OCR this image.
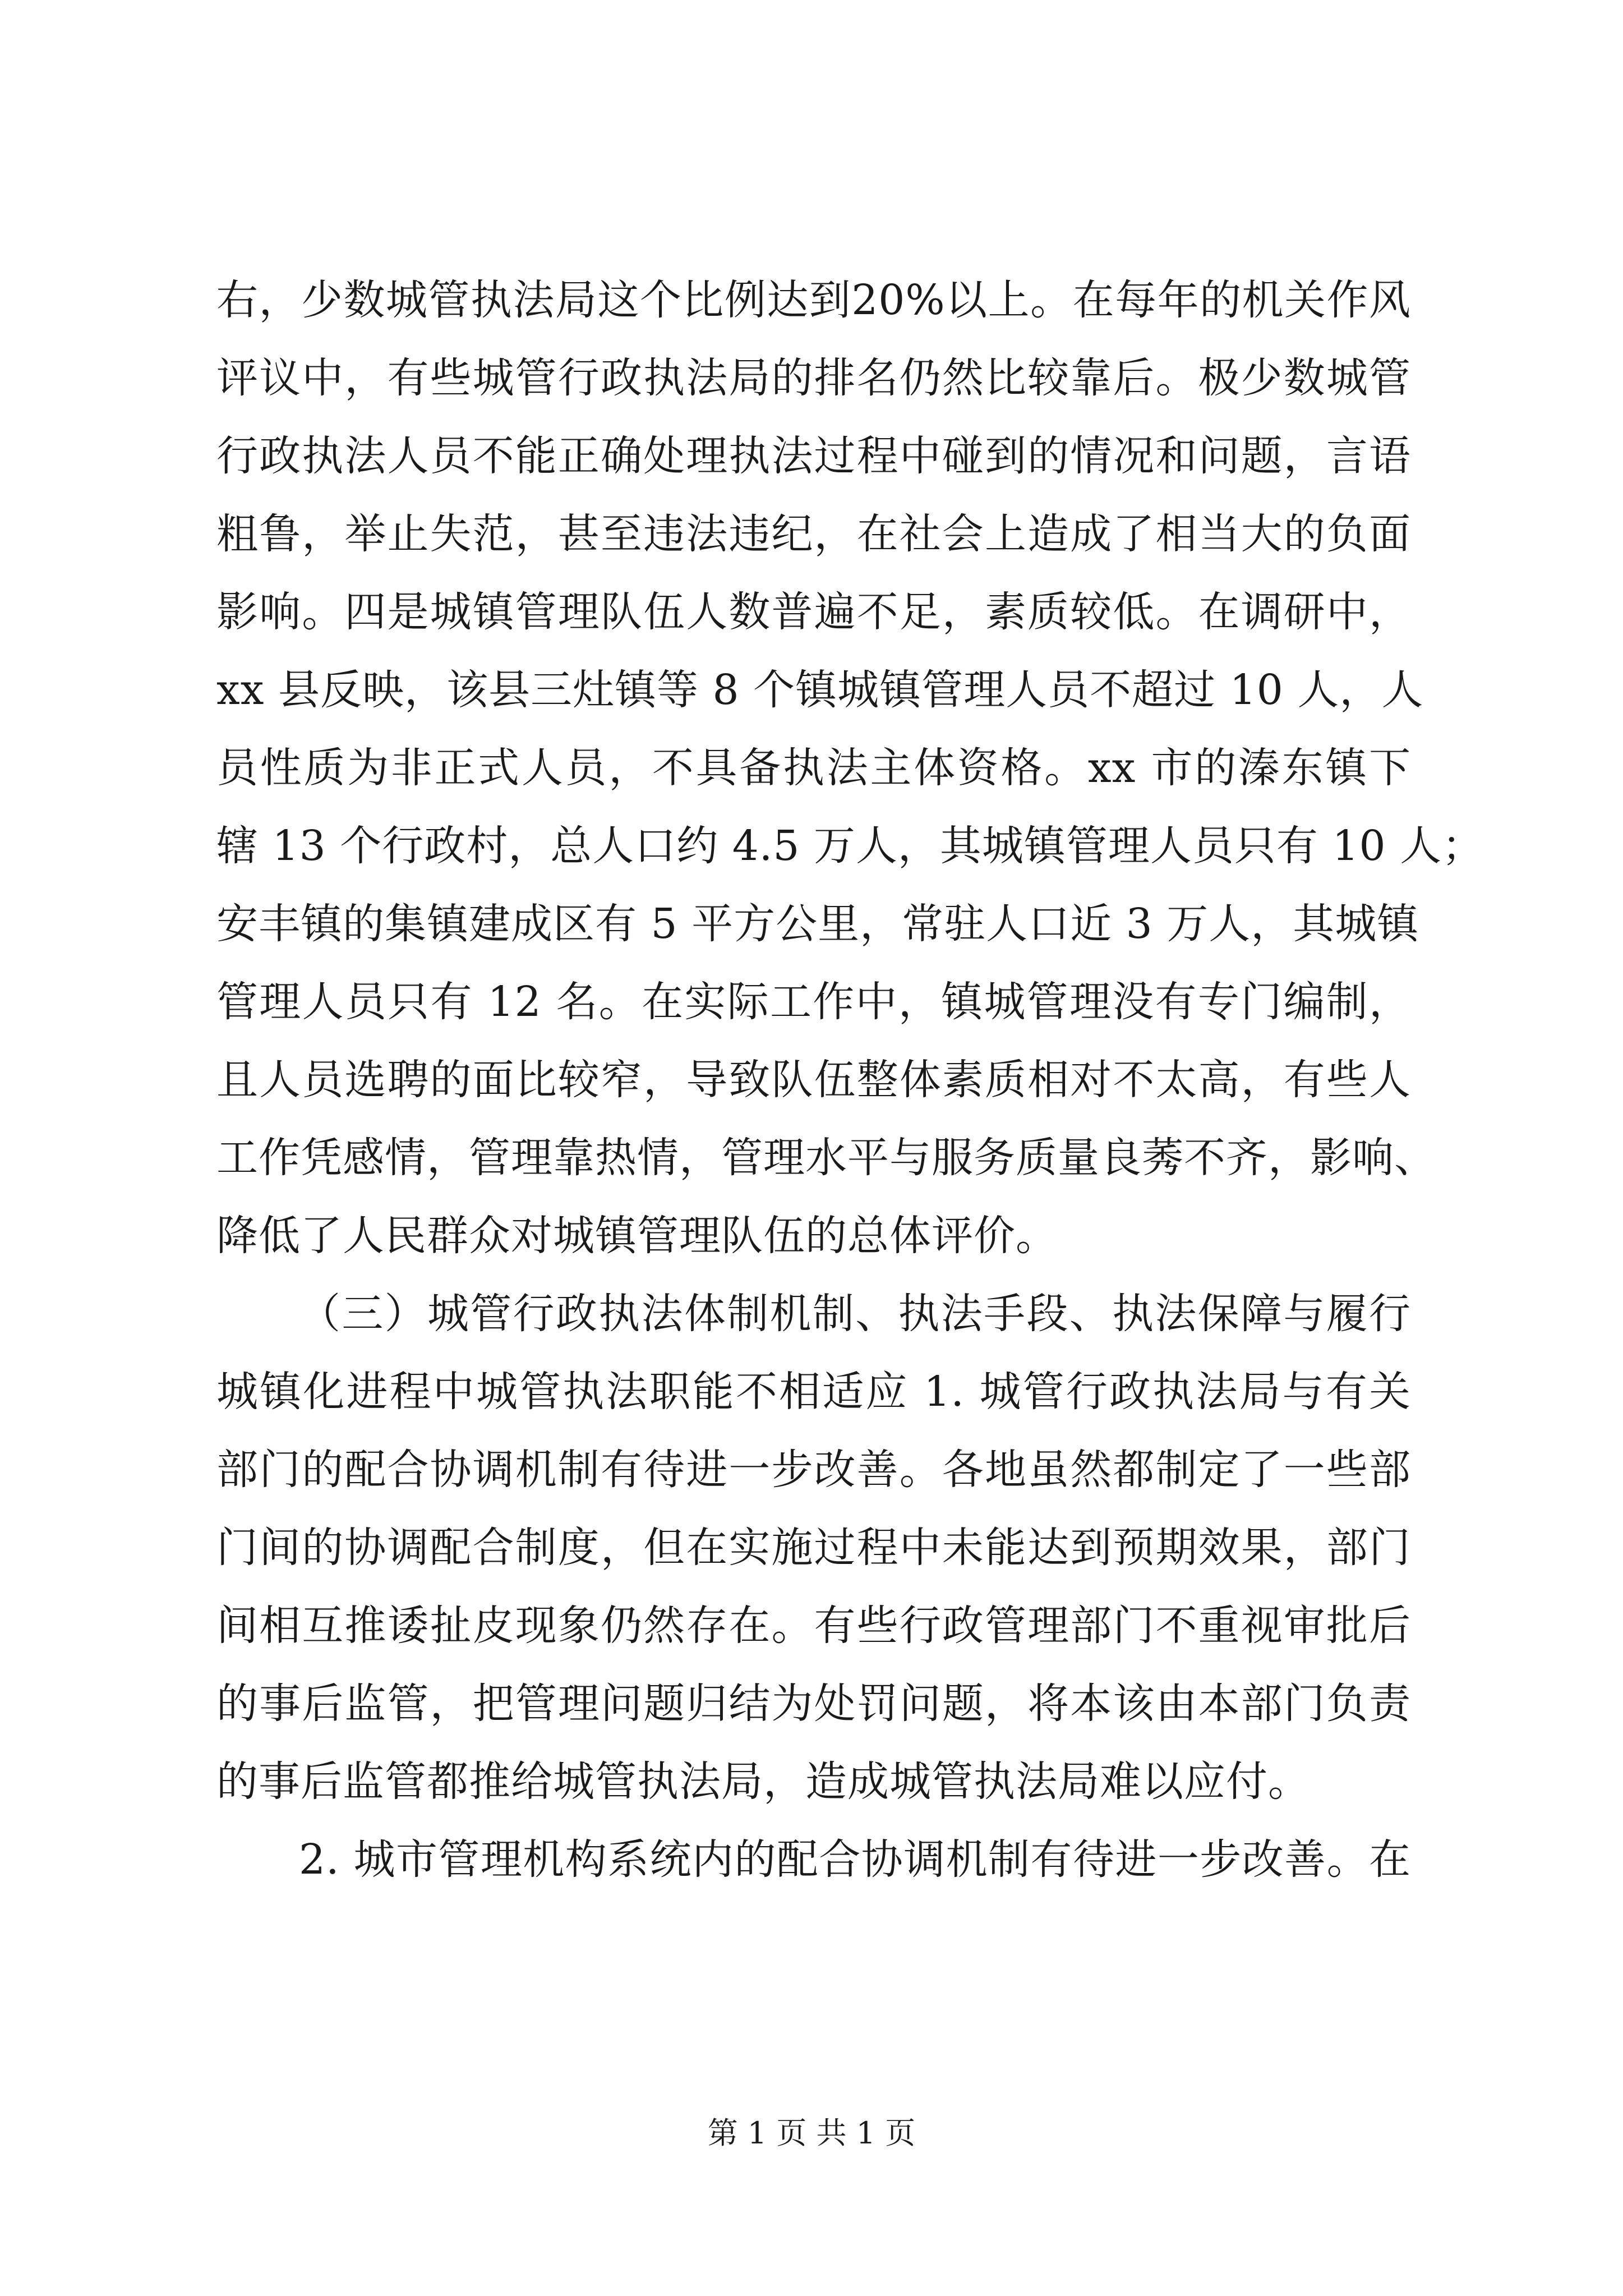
右，少数城管执法局这个比例达到20%以上。在每年的机关作风
评议中，有些城管行政执法局的排名仍然比较靠后。极少数城管
行政执法人员不能正确处理执法过程中碰到的情况和问题，言语
粗鲁，举止失范，甚至违法违纪，在社会上造成了相当大的负面
影响。四是城镇管理队伍人数普遍不足，素质较低。在调研中，
xx 县反映，该县三灶镇等 8 个镇城镇管理人员不超过 10 人，人
员性质为非正式人员，不具备执法主体资格。xx 市的溱东镇下
辖 13 个行政村，总人口约 4.5 万人，其城镇管理人员只有 10 人；
安丰镇的集镇建成区有 5 平方公里，常驻人口近 3 万人，其城镇
管理人员只有 12 名。在实际工作中，镇城管理没有专门编制，
且人员选聘的面比较窄，导致队伍整体素质相对不太高，有些人
工作凭感情，管理靠热情，管理水平与服务质量良莠不齐，影响、
降低了人民群众对城镇管理队伍的总体评价。
（三）城管行政执法体制机制、执法手段、执法保障与履行
城镇化进程中城管执法职能不相适应 1. 城管行政执法局与有关
部门的配合协调机制有待进一步改善。各地虽然都制定了一些部
门间的协调配合制度，但在实施过程中未能达到预期效果，部门
间相互推诿扯皮现象仍然存在。有些行政管理部门不重视审批后
的事后监管，把管理问题归结为处罚问题，将本该由本部门负责
的事后监管都推给城管执法局，造成城管执法局难以应付。
2. 城市管理机构系统内的配合协调机制有待进一步改善。在
第 1 页 共 1 页
